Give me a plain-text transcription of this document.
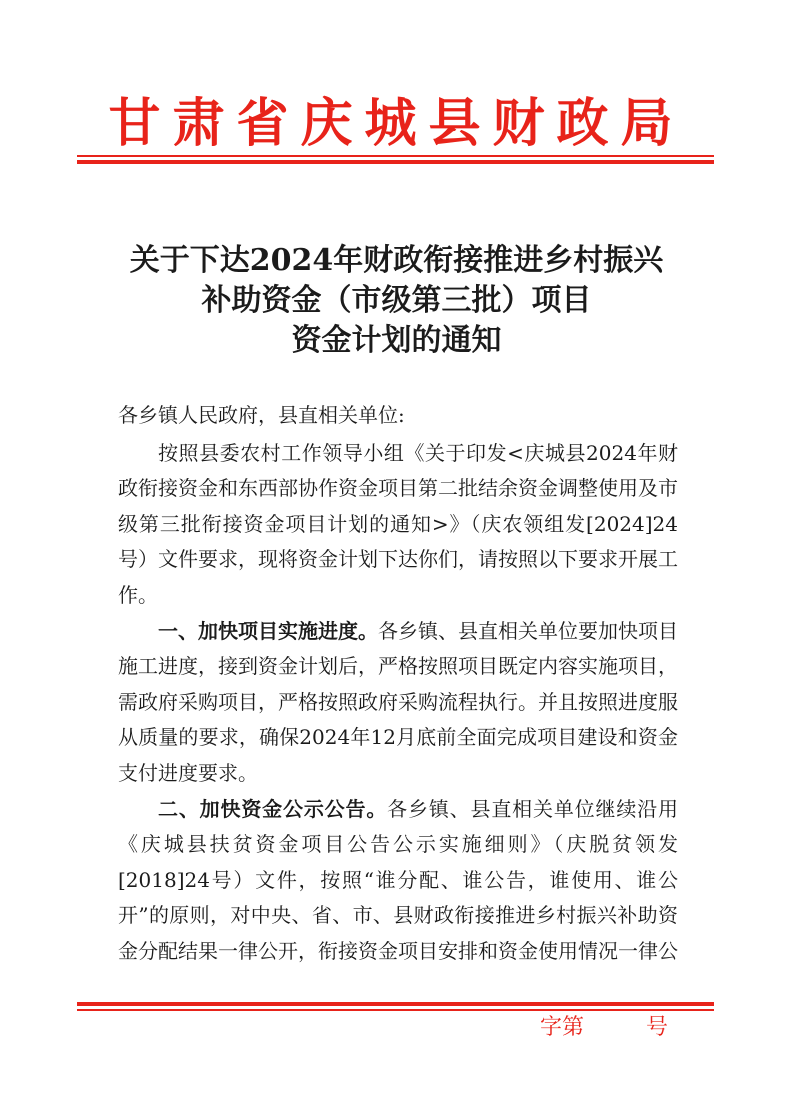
甘肃省庆城县财政局
关于下达2024年财政衔接推进乡村振兴
补助资金（市级第三批）项目
资金计划的通知

各乡镇人民政府，县直相关单位:

按照县委农村工作领导小组《关于印发<庆城县2024年财政衔接资金和东西部协作资金项目第二批结余资金调整使用及市级第三批衔接资金项目计划的通知>》（庆农领组发[2024]24号）文件要求，现将资金计划下达你们，请按照以下要求开展工作。

一、加快项目实施进度。各乡镇、县直相关单位要加快项目施工进度，接到资金计划后，严格按照项目既定内容实施项目，需政府采购项目，严格按照政府采购流程执行。并且按照进度服从质量的要求，确保2024年12月底前全面完成项目建设和资金支付进度要求。

二、加快资金公示公告。各乡镇、县直相关单位继续沿用《庆城县扶贫资金项目公告公示实施细则》（庆脱贫领发[2018]24号）文件，按照“谁分配、谁公告，谁使用、谁公开”的原则，对中央、省、市、县财政衔接推进乡村振兴补助资金分配结果一律公开，衔接资金项目安排和资金使用情况一律公

字第	号
